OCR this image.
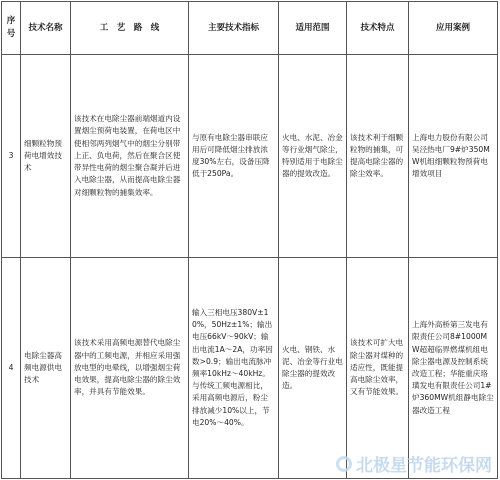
序号	技术名称	工　艺　路　线	主要技术指标	适用范围	技术特点	应用案例
3	细颗粒物预荷电增效技术	该技术在电除尘器前端烟道内设置烟尘预荷电装置，在荷电区中使相邻两列烟气中的烟尘分别带上正、负电荷，然后在聚合区使带异性电荷的烟尘聚合凝并后进入电除尘器，从而提高电除尘器对细颗粒物的捕集效率。	与原有电除尘器串联应用后可降低烟尘排放浓度30%左右，设备压降低于250Pa。	火电、水泥、冶金等行业烟气除尘，特别适用于电除尘器的提效改造。	该技术利于细颗粒物的捕集，可提高电除尘器的除尘效率。	上海电力股份有限公司吴泾热电厂9#炉350MW机组细颗粒物预荷电增效项目
4	电除尘器高频电源供电技术	该技术采用高频电源替代电除尘器中的工频电源，并相应采用强放电型的电晕线，以增强烟尘荷电效果，提高电除尘器的除尘效率，并具有节能效果。	输入三相电压380V±10%，50Hz±1%；输出电压66kV～90kV；输出电流1A～2A，功率因数>0.9；输出电流脉冲频率10kHz～40kHz。与传统工频电源相比，采用高频电源后，粉尘排放减少10%以上，节电20%～40%。	火电、钢铁、水泥、冶金等行业电除尘器的提效改造。	该技术可扩大电除尘器对煤种的适应性，既能提高电除尘效率，又有节能效果。	上海外高桥第三发电有限责任公司8#1000MW超超临界燃煤机组电除尘器电源及控制系统改造工程；华能重庆珞璜发电有限责任公司1#炉360MW机组静电除尘器改造工程
北极星节能环保网
